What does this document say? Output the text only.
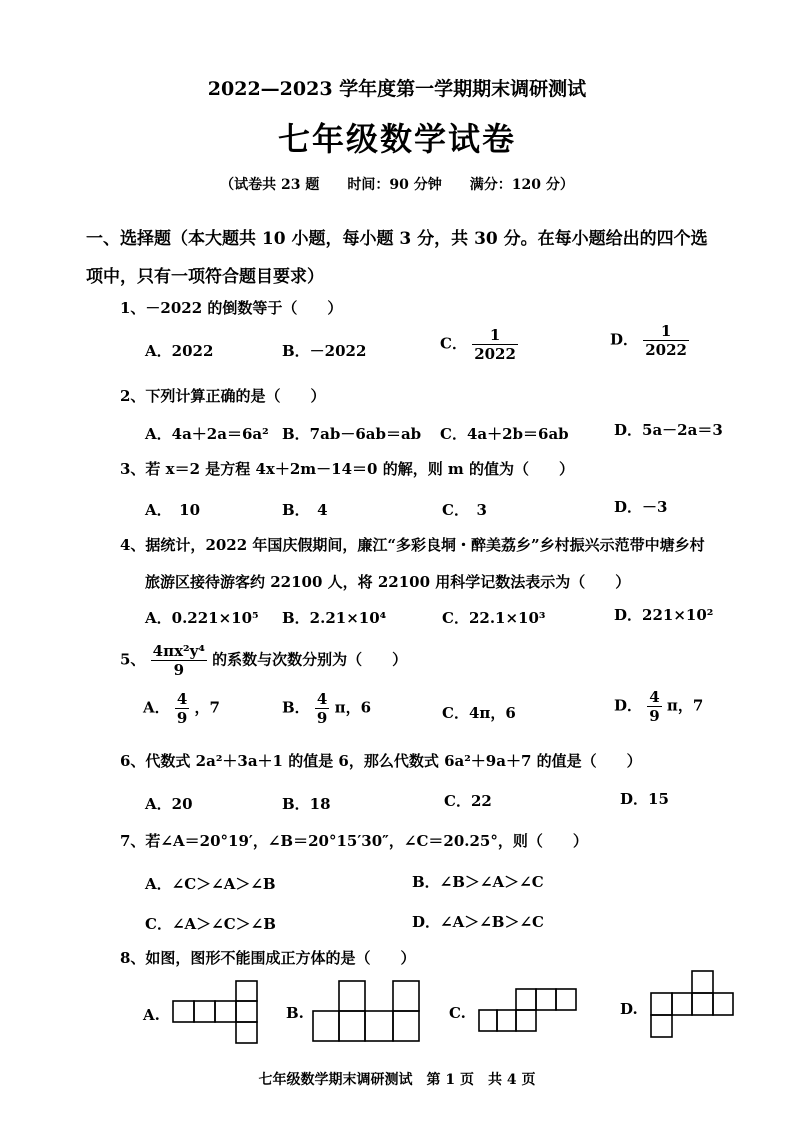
2022—2023 学年度第一学期期末调研测试
七年级数学试卷
（试卷共 23 题　　时间：90 分钟　　满分：120 分）
一、选择题（本大题共 10 小题，每小题 3 分，共 30 分。在每小题给出的四个选
项中，只有一项符合题目要求）
1、－2022 的倒数等于（　　）
A．2022	B．－2022	C． $\frac{1}{2022}$	D． $\frac{1}{2022}$
2、下列计算正确的是（　　）
A．4a＋2a＝6a² B．7ab－6ab＝ab C．4a＋2b＝6ab	D．5a－2a＝3
3、若 x＝2 是方程 4x＋2m－14＝0 的解，则 m 的值为（　　）
A．　10	B．　4	C．　3	D．－3
4、据统计，2022 年国庆假期间，廉江“多彩良垌・醉美荔乡”乡村振兴示范带中塘乡村
旅游区接待游客约 22100 人，将 22100 用科学记数法表示为（　　）
A．0.221×10⁵ B．2.21×10⁴	C．22.1×10³	D．221×10²
5、 $\frac{\text{4πx²y⁴}}{9}$ 的系数与次数分别为（　　）
A． $\frac{4}{9}$ ，7	B． $\frac{4}{9}$ π，6	C．4π，6	D． $\frac{4}{9}$ π，7
6、代数式 2a²＋3a＋1 的值是 6，那么代数式 6a²＋9a＋7 的值是（　　）
A．20	B．18	C．22	D．15
7、若∠A＝20°19′，∠B＝20°15′30″，∠C＝20.25°，则（　　）
A．∠C＞∠A＞∠B	B．∠B＞∠A＞∠C
C．∠A＞∠C＞∠B	D．∠A＞∠B＞∠C
8、如图，图形不能围成正方体的是（　　）
A.	B.	C.	D.
七年级数学期末调研测试　第 1 页　共 4 页
